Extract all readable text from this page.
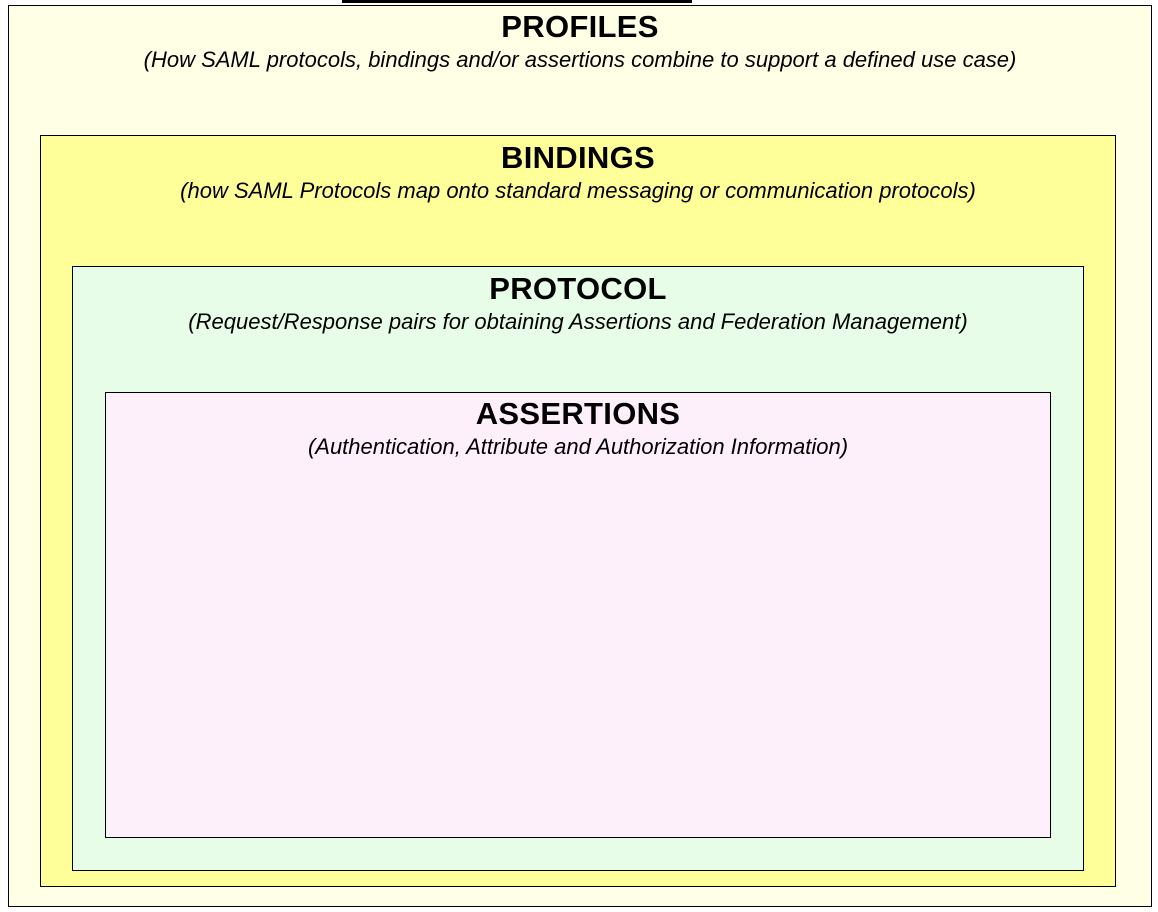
PROFILES
(How SAML protocols, bindings and/or assertions combine to support a defined use case)
BINDINGS
(how SAML Protocols map onto standard messaging or communication protocols)
PROTOCOL
(Request/Response pairs for obtaining Assertions and Federation Management)
ASSERTIONS
(Authentication, Attribute and Authorization Information)
